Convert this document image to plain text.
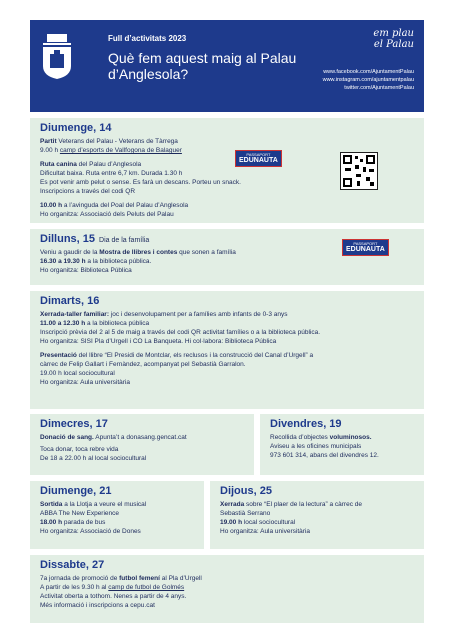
Full d’activitats 2023
Què fem aquest maig al Palau d’Anglesola?
em plau
el Palau
www.facebook.com/AjuntamentPalau
www.instagram.com/ajuntamentpalau
twitter.com/AjuntamentPalau
Diumenge, 14
Partit Veterans del Palau - Veterans de Tàrrega
9.00 h camp d’esports de Vallfogona de Balaguer
Ruta canina del Palau d’Anglesola
Dificultat baixa. Ruta entre 6,7 km. Durada 1.30 h
Es pot venir amb pelut o sense. Es farà un descans. Porteu un snack.
Inscripcions a través del codi QR
10.00 h a l’avinguda del Poal del Palau d’Anglesola
Ho organitza: Associació dels Peluts del Palau
PASSAPORT
EDUNAUTA
Dilluns, 15 Dia de la família
Veniu a gaudir de la Mostra de llibres i contes que sonen a família
16.30 a 19.30 h a la biblioteca pública.
Ho organitza: Biblioteca Pública
PASSAPORT
EDUNAUTA
Dimarts, 16
Xerrada-taller familiar: joc i desenvolupament per a famílies amb infants de 0-3 anys
11.00 a 12.30 h a la biblioteca pública
Inscripció prèvia del 2 al 5 de maig a través del codi QR activitat famílies o a la biblioteca pública.
Ho organitza: SISI Pla d’Urgell i CO La Banqueta. Hi col·labora: Biblioteca Pública
Presentació del llibre “El Presidi de Montclar, els reclusos i la construcció del Canal d’Urgell” a
càrrec de Felip Gallart i Fernàndez, acompanyat pel Sebastià Garralon.
19.00 h local sociocultural
Ho organitza: Aula universitària
Dimecres, 17
Donació de sang. Apunta’t a donasang.gencat.cat
Toca donar, toca rebre vida
De 18 a 22.00 h al local sociocultural
Divendres, 19
Recollida d’objectes voluminosos.
Aviseu a les oficines municipals
973 601 314, abans del divendres 12.
Diumenge, 21
Sortida a la Llotja a veure el musical
ABBA The New Experience
18.00 h parada de bus
Ho organitza: Associació de Dones
Dijous, 25
Xerrada sobre “El plaer de la lectura” a càrrec de
Sebastià Serrano
19.00 h local sociocultural
Ho organitza: Aula universitària
Dissabte, 27
7a jornada de promoció de futbol femení al Pla d’Urgell
A partir de les 9.30 h al camp de futbol de Golmés
Activitat oberta a tothom. Nenes a partir de 4 anys.
Més informació i inscripcions a cepu.cat
